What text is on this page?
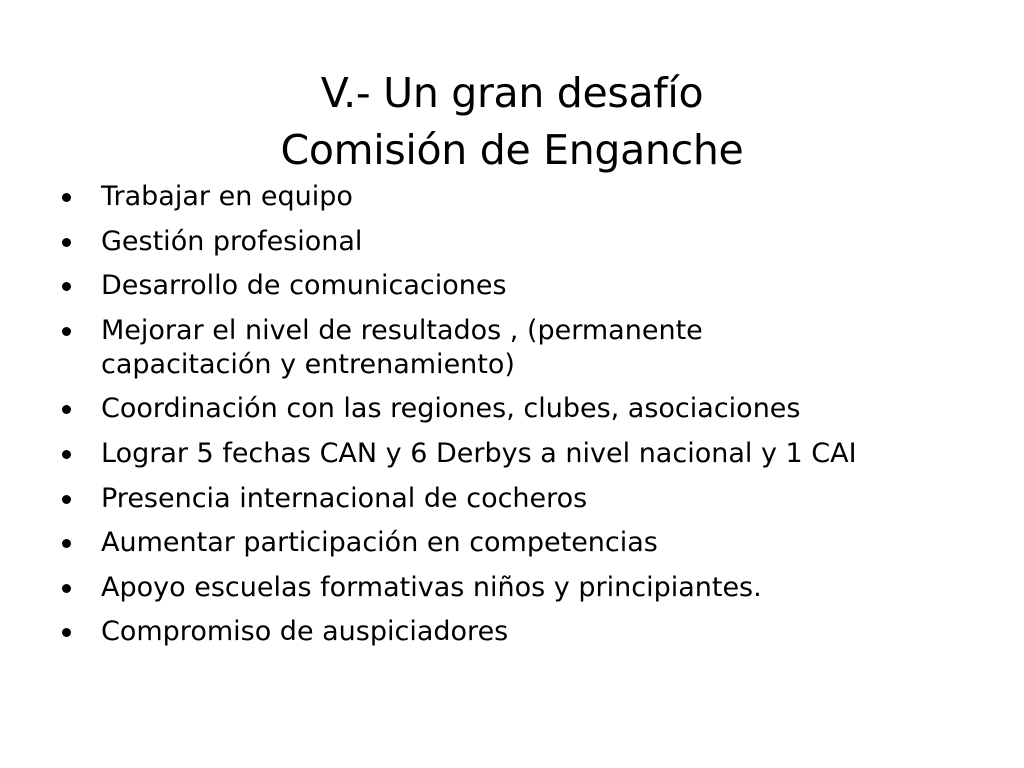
V.- Un gran desafío
Comisión de Enganche
Trabajar en equipo
Gestión profesional
Desarrollo de comunicaciones
Mejorar el nivel de resultados , (permanente capacitación y entrenamiento)
Coordinación con las regiones, clubes, asociaciones
Lograr 5 fechas CAN y 6 Derbys a nivel nacional y 1 CAI
Presencia internacional de cocheros
Aumentar participación en competencias
Apoyo escuelas formativas niños y principiantes.
Compromiso de auspiciadores
